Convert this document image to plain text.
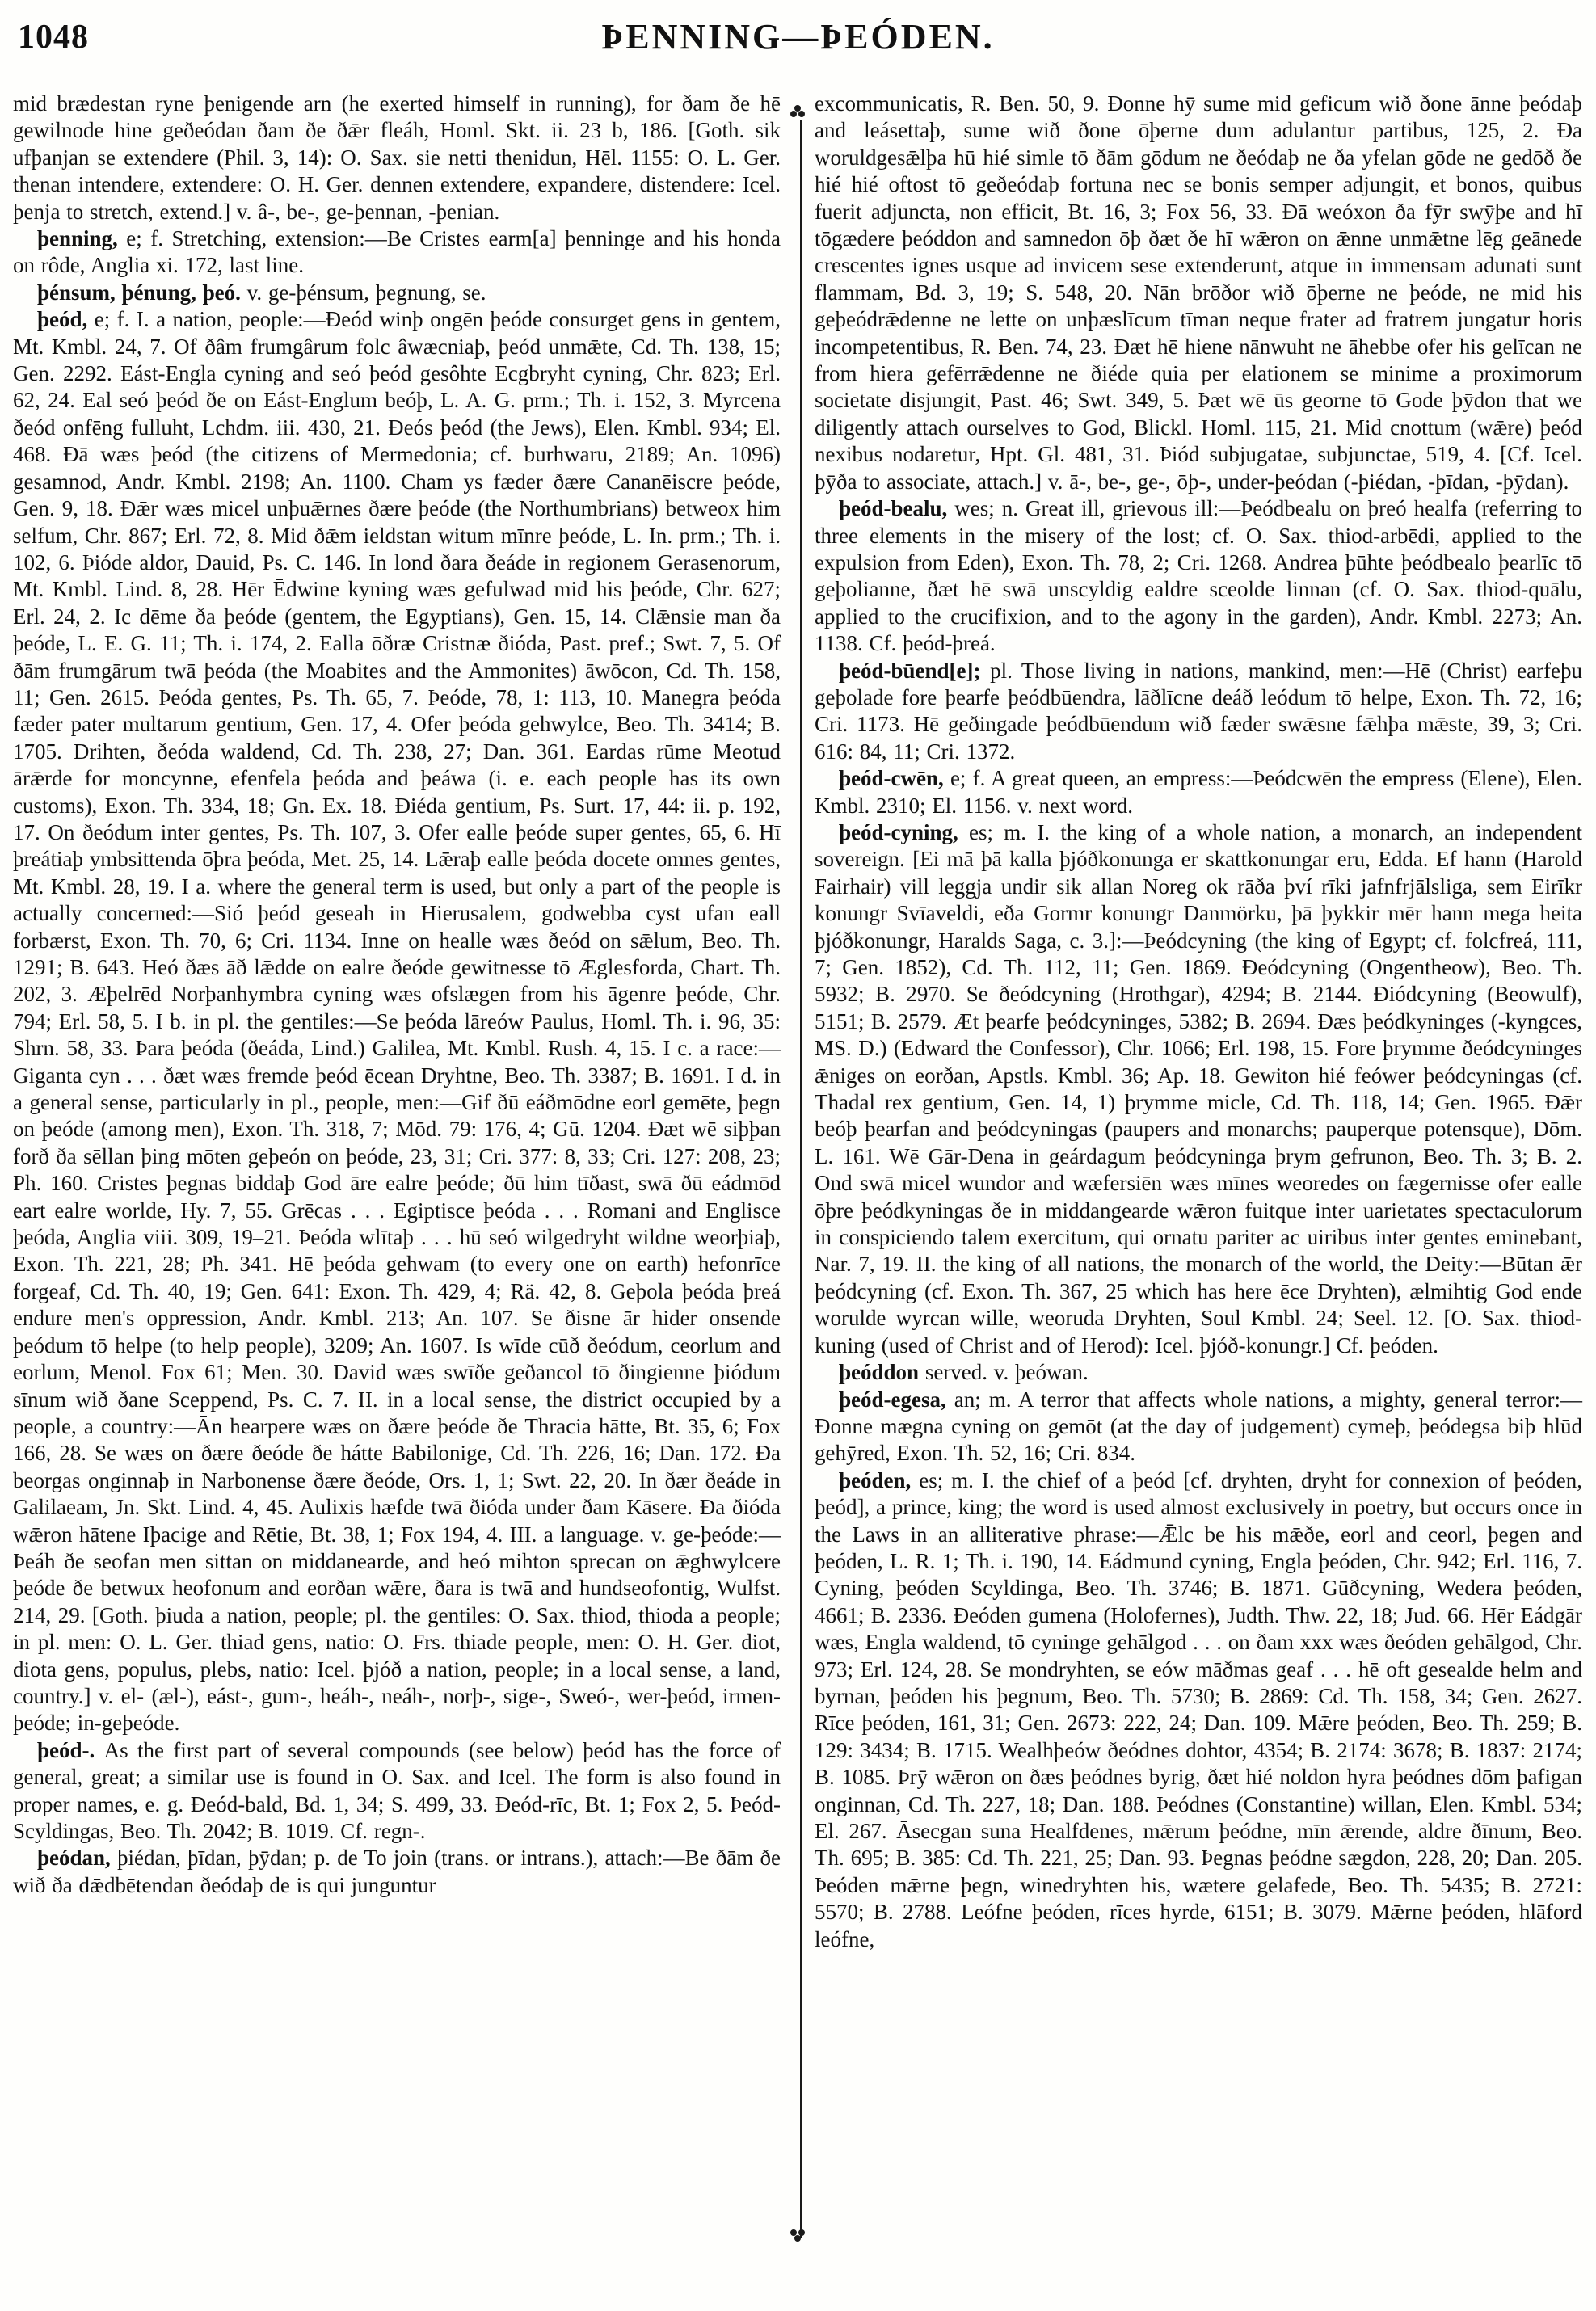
1048	ÞENNING—ÞEÓDEN.

mid brædestan ryne þenigende arn (he exerted himself in running), for ðam ðe hē gewilnode hine geðeódan ðam ðe ðǣr fleáh, Homl. Skt. ii. 23 b, 186. [Goth. sik ufþanjan se extendere (Phil. 3, 14): O. Sax. sie netti thenidun, Hēl. 1155: O. L. Ger. thenan intendere, extendere: O. H. Ger. dennen extendere, expandere, distendere: Icel. þenja to stretch, extend.] v. â-, be-, ge-þennan, -þenian.

þenning, e; f. Stretching, extension:—Be Cristes earm[a] þenninge and his honda on rôde, Anglia xi. 172, last line.

þénsum, þénung, þeó. v. ge-þénsum, þegnung, se.

þeód, e; f. I. a nation, people:—Ðeód winþ ongēn þeóde consurget gens in gentem, Mt. Kmbl. 24, 7. Of ðâm frumgârum folc âwæcniaþ, þeód unmǣte, Cd. Th. 138, 15; Gen. 2292. Eást-Engla cyning and seó þeód gesôhte Ecgbryht cyning, Chr. 823; Erl. 62, 24. Eal seó þeód ðe on Eást-Englum beóþ, L. A. G. prm.; Th. i. 152, 3. Myrcena ðeód onfēng fulluht, Lchdm. iii. 430, 21. Ðeós þeód (the Jews), Elen. Kmbl. 934; El. 468. Ðā wæs þeód (the citizens of Mermedonia; cf. burhwaru, 2189; An. 1096) gesamnod, Andr. Kmbl. 2198; An. 1100. Cham ys fæder ðære Cananēiscre þeóde, Gen. 9, 18. Ðǣr wæs micel unþuǣrnes ðære þeóde (the Northumbrians) betweox him selfum, Chr. 867; Erl. 72, 8. Mid ðǣm ieldstan witum mīnre þeóde, L. In. prm.; Th. i. 102, 6. Þióde aldor, Dauid, Ps. C. 146. In lond ðara ðeáde in regionem Gerasenorum, Mt. Kmbl. Lind. 8, 28. Hēr Ēdwine kyning wæs gefulwad mid his þeóde, Chr. 627; Erl. 24, 2. Ic dēme ða þeóde (gentem, the Egyptians), Gen. 15, 14. Clǣnsie man ða þeóde, L. E. G. 11; Th. i. 174, 2. Ealla ōðræ Cristnæ ðióda, Past. pref.; Swt. 7, 5. Of ðām frumgārum twā þeóda (the Moabites and the Ammonites) āwōcon, Cd. Th. 158, 11; Gen. 2615. Þeóda gentes, Ps. Th. 65, 7. Þeóde, 78, 1: 113, 10. Manegra þeóda fæder pater multarum gentium, Gen. 17, 4. Ofer þeóda gehwylce, Beo. Th. 3414; B. 1705. Drihten, ðeóda waldend, Cd. Th. 238, 27; Dan. 361. Eardas rūme Meotud ārǣrde for moncynne, efenfela þeóda and þeáwa (i. e. each people has its own customs), Exon. Th. 334, 18; Gn. Ex. 18. Ðiéda gentium, Ps. Surt. 17, 44: ii. p. 192, 17. On ðeódum inter gentes, Ps. Th. 107, 3. Ofer ealle þeóde super gentes, 65, 6. Hī þreátiaþ ymbsittenda ōþra þeóda, Met. 25, 14. Lǣraþ ealle þeóda docete omnes gentes, Mt. Kmbl. 28, 19. I a. where the general term is used, but only a part of the people is actually concerned:—Sió þeód geseah in Hierusalem, godwebba cyst ufan eall forbærst, Exon. Th. 70, 6; Cri. 1134. Inne on healle wæs ðeód on sǣlum, Beo. Th. 1291; B. 643. Heó ðæs āð lǣdde on ealre ðeóde gewitnesse tō Æglesforda, Chart. Th. 202, 3. Æþelrēd Norþanhymbra cyning wæs ofslægen from his āgenre þeóde, Chr. 794; Erl. 58, 5. I b. in pl. the gentiles:—Se þeóda lāreów Paulus, Homl. Th. i. 96, 35: Shrn. 58, 33. Þara þeóda (ðeáda, Lind.) Galilea, Mt. Kmbl. Rush. 4, 15. I c. a race:—Giganta cyn . . . ðæt wæs fremde þeód ēcean Dryhtne, Beo. Th. 3387; B. 1691. I d. in a general sense, particularly in pl., people, men:—Gif ðū eáðmōdne eorl gemēte, þegn on þeóde (among men), Exon. Th. 318, 7; Mōd. 79: 176, 4; Gū. 1204. Ðæt wē siþþan forð ða sēllan þing mōten geþeón on þeóde, 23, 31; Cri. 377: 8, 33; Cri. 127: 208, 23; Ph. 160. Cristes þegnas biddaþ God āre ealre þeóde; ðū him tīðast, swā ðū eádmōd eart ealre worlde, Hy. 7, 55. Grēcas . . . Egiptisce þeóda . . . Romani and Englisce þeóda, Anglia viii. 309, 19–21. Þeóda wlītaþ . . . hū seó wilgedryht wildne weorþiaþ, Exon. Th. 221, 28; Ph. 341. Hē þeóda gehwam (to every one on earth) hefonrīce forgeaf, Cd. Th. 40, 19; Gen. 641: Exon. Th. 429, 4; Rä. 42, 8. Geþola þeóda þreá endure men's oppression, Andr. Kmbl. 213; An. 107. Se ðisne ār hider onsende þeódum tō helpe (to help people), 3209; An. 1607. Is wīde cūð ðeódum, ceorlum and eorlum, Menol. Fox 61; Men. 30. David wæs swīðe geðancol tō ðingienne þiódum sīnum wið ðane Sceppend, Ps. C. 7. II. in a local sense, the district occupied by a people, a country:—Ān hearpere wæs on ðære þeóde ðe Thracia hātte, Bt. 35, 6; Fox 166, 28. Se wæs on ðære ðeóde ðe hátte Babilonige, Cd. Th. 226, 16; Dan. 172. Ða beorgas onginnaþ in Narbonense ðære ðeóde, Ors. 1, 1; Swt. 22, 20. In ðær ðeáde in Galilaeam, Jn. Skt. Lind. 4, 45. Aulixis hæfde twā ðióda under ðam Kāsere. Ða ðióda wǣron hātene Iþacige and Rētie, Bt. 38, 1; Fox 194, 4. III. a language. v. ge-þeóde:—Þeáh ðe seofan men sittan on middanearde, and heó mihton sprecan on ǣghwylcere þeóde ðe betwux heofonum and eorðan wǣre, ðara is twā and hundseofontig, Wulfst. 214, 29. [Goth. þiuda a nation, people; pl. the gentiles: O. Sax. thiod, thioda a people; in pl. men: O. L. Ger. thiad gens, natio: O. Frs. thiade people, men: O. H. Ger. diot, diota gens, populus, plebs, natio: Icel. þjóð a nation, people; in a local sense, a land, country.] v. el- (æl-), eást-, gum-, heáh-, neáh-, norþ-, sige-, Sweó-, wer-þeód, irmen-þeóde; in-geþeóde.

þeód-. As the first part of several compounds (see below) þeód has the force of general, great; a similar use is found in O. Sax. and Icel. The form is also found in proper names, e. g. Ðeód-bald, Bd. 1, 34; S. 499, 33. Ðeód-rīc, Bt. 1; Fox 2, 5. Þeód-Scyldingas, Beo. Th. 2042; B. 1019. Cf. regn-.

þeódan, þiédan, þīdan, þȳdan; p. de To join (trans. or intrans.), attach:—Be ðām ðe wið ða dǣdbētendan ðeódaþ de is qui junguntur

excommunicatis, R. Ben. 50, 9. Ðonne hȳ sume mid geficum wið ðone ānne þeódaþ and leásettaþ, sume wið ðone ōþerne dum adulantur partibus, 125, 2. Ða woruldgesǣlþa hū hié simle tō ðām gōdum ne ðeódaþ ne ða yfelan gōde ne gedōð ðe hié hié oftost tō geðeódaþ fortuna nec se bonis semper adjungit, et bonos, quibus fuerit adjuncta, non efficit, Bt. 16, 3; Fox 56, 33. Ðā weóxon ða fȳr swȳþe and hī tōgædere þeóddon and samnedon ōþ ðæt ðe hī wǣron on ǣnne unmǣtne lēg geānede crescentes ignes usque ad invicem sese extenderunt, atque in immensam adunati sunt flammam, Bd. 3, 19; S. 548, 20. Nān brōðor wið ōþerne ne þeóde, ne mid his geþeódrǣdenne ne lette on unþæslīcum tīman neque frater ad fratrem jungatur horis incompetentibus, R. Ben. 74, 23. Ðæt hē hiene nānwuht ne āhebbe ofer his gelīcan ne from hiera gefērrǣdenne ne ðiéde quia per elationem se minime a proximorum societate disjungit, Past. 46; Swt. 349, 5. Þæt wē ūs georne tō Gode þȳdon that we diligently attach ourselves to God, Blickl. Homl. 115, 21. Mid cnottum (wǣre) þeód nexibus nodaretur, Hpt. Gl. 481, 31. Þiód subjugatae, subjunctae, 519, 4. [Cf. Icel. þȳða to associate, attach.] v. ā-, be-, ge-, ōþ-, under-þeódan (-þiédan, -þīdan, -þȳdan).

þeód-bealu, wes; n. Great ill, grievous ill:—Þeódbealu on þreó healfa (referring to three elements in the misery of the lost; cf. O. Sax. thiod-arbēdi, applied to the expulsion from Eden), Exon. Th. 78, 2; Cri. 1268. Andrea þūhte þeódbealo þearlīc tō geþolianne, ðæt hē swā unscyldig ealdre sceolde linnan (cf. O. Sax. thiod-quālu, applied to the crucifixion, and to the agony in the garden), Andr. Kmbl. 2273; An. 1138. Cf. þeód-þreá.

þeód-būend[e]; pl. Those living in nations, mankind, men:—Hē (Christ) earfeþu geþolade fore þearfe þeódbūendra, lāðlīcne deáð leódum tō helpe, Exon. Th. 72, 16; Cri. 1173. Hē geðingade þeódbūendum wið fæder swǣsne fǣhþa mǣste, 39, 3; Cri. 616: 84, 11; Cri. 1372.

þeód-cwēn, e; f. A great queen, an empress:—Þeódcwēn the empress (Elene), Elen. Kmbl. 2310; El. 1156. v. next word.

þeód-cyning, es; m. I. the king of a whole nation, a monarch, an independent sovereign. [Ei mā þā kalla þjóðkonunga er skattkonungar eru, Edda. Ef hann (Harold Fairhair) vill leggja undir sik allan Noreg ok rāða því rīki jafnfrjālsliga, sem Eirīkr konungr Svīaveldi, eða Gormr konungr Danmörku, þā þykkir mēr hann mega heita þjóðkonungr, Haralds Saga, c. 3.]:—Þeódcyning (the king of Egypt; cf. folcfreá, 111, 7; Gen. 1852), Cd. Th. 112, 11; Gen. 1869. Ðeódcyning (Ongentheow), Beo. Th. 5932; B. 2970. Se ðeódcyning (Hrothgar), 4294; B. 2144. Ðiódcyning (Beowulf), 5151; B. 2579. Æt þearfe þeódcyninges, 5382; B. 2694. Ðæs þeódkyninges (-kyngces, MS. D.) (Edward the Confessor), Chr. 1066; Erl. 198, 15. Fore þrymme ðeódcyninges ǣniges on eorðan, Apstls. Kmbl. 36; Ap. 18. Gewiton hié feówer þeódcyningas (cf. Thadal rex gentium, Gen. 14, 1) þrymme micle, Cd. Th. 118, 14; Gen. 1965. Ðǣr beóþ þearfan and þeódcyningas (paupers and monarchs; pauperque potensque), Dōm. L. 161. Wē Gār-Dena in geárdagum þeódcyninga þrym gefrunon, Beo. Th. 3; B. 2. Ond swā micel wundor and wæfersiēn wæs mīnes weoredes on fægernisse ofer ealle ōþre þeódkyningas ðe in middangearde wǣron fuitque inter uarietates spectaculorum in conspiciendo talem exercitum, qui ornatu pariter ac uiribus inter gentes eminebant, Nar. 7, 19. II. the king of all nations, the monarch of the world, the Deity:—Būtan ǣr þeódcyning (cf. Exon. Th. 367, 25 which has here ēce Dryhten), ælmihtig God ende worulde wyrcan wille, weoruda Dryhten, Soul Kmbl. 24; Seel. 12. [O. Sax. thiod-kuning (used of Christ and of Herod): Icel. þjóð-konungr.] Cf. þeóden.

þeóddon served. v. þeówan.

þeód-egesa, an; m. A terror that affects whole nations, a mighty, general terror:—Ðonne mægna cyning on gemōt (at the day of judgement) cymeþ, þeódegsa biþ hlūd gehȳred, Exon. Th. 52, 16; Cri. 834.

þeóden, es; m. I. the chief of a þeód [cf. dryhten, dryht for connexion of þeóden, þeód], a prince, king; the word is used almost exclusively in poetry, but occurs once in the Laws in an alliterative phrase:—Ǣlc be his mǣðe, eorl and ceorl, þegen and þeóden, L. R. 1; Th. i. 190, 14. Eádmund cyning, Engla þeóden, Chr. 942; Erl. 116, 7. Cyning, þeóden Scyldinga, Beo. Th. 3746; B. 1871. Gūðcyning, Wedera þeóden, 4661; B. 2336. Ðeóden gumena (Holofernes), Judth. Thw. 22, 18; Jud. 66. Hēr Eádgār wæs, Engla waldend, tō cyninge gehālgod . . . on ðam xxx wæs ðeóden gehālgod, Chr. 973; Erl. 124, 28. Se mondryhten, se eów māðmas geaf . . . hē oft gesealde helm and byrnan, þeóden his þegnum, Beo. Th. 5730; B. 2869: Cd. Th. 158, 34; Gen. 2627. Rīce þeóden, 161, 31; Gen. 2673: 222, 24; Dan. 109. Mǣre þeóden, Beo. Th. 259; B. 129: 3434; B. 1715. Wealhþeów ðeódnes dohtor, 4354; B. 2174: 3678; B. 1837: 2174; B. 1085. Þrȳ wǣron on ðæs þeódnes byrig, ðæt hié noldon hyra þeódnes dōm þafigan onginnan, Cd. Th. 227, 18; Dan. 188. Þeódnes (Constantine) willan, Elen. Kmbl. 534; El. 267. Āsecgan suna Healfdenes, mǣrum þeódne, mīn ǣrende, aldre ðīnum, Beo. Th. 695; B. 385: Cd. Th. 221, 25; Dan. 93. Þegnas þeódne sægdon, 228, 20; Dan. 205. Þeóden mǣrne þegn, winedryhten his, wætere gelafede, Beo. Th. 5435; B. 2721: 5570; B. 2788. Leófne þeóden, rīces hyrde, 6151; B. 3079. Mǣrne þeóden, hlāford leófne,
